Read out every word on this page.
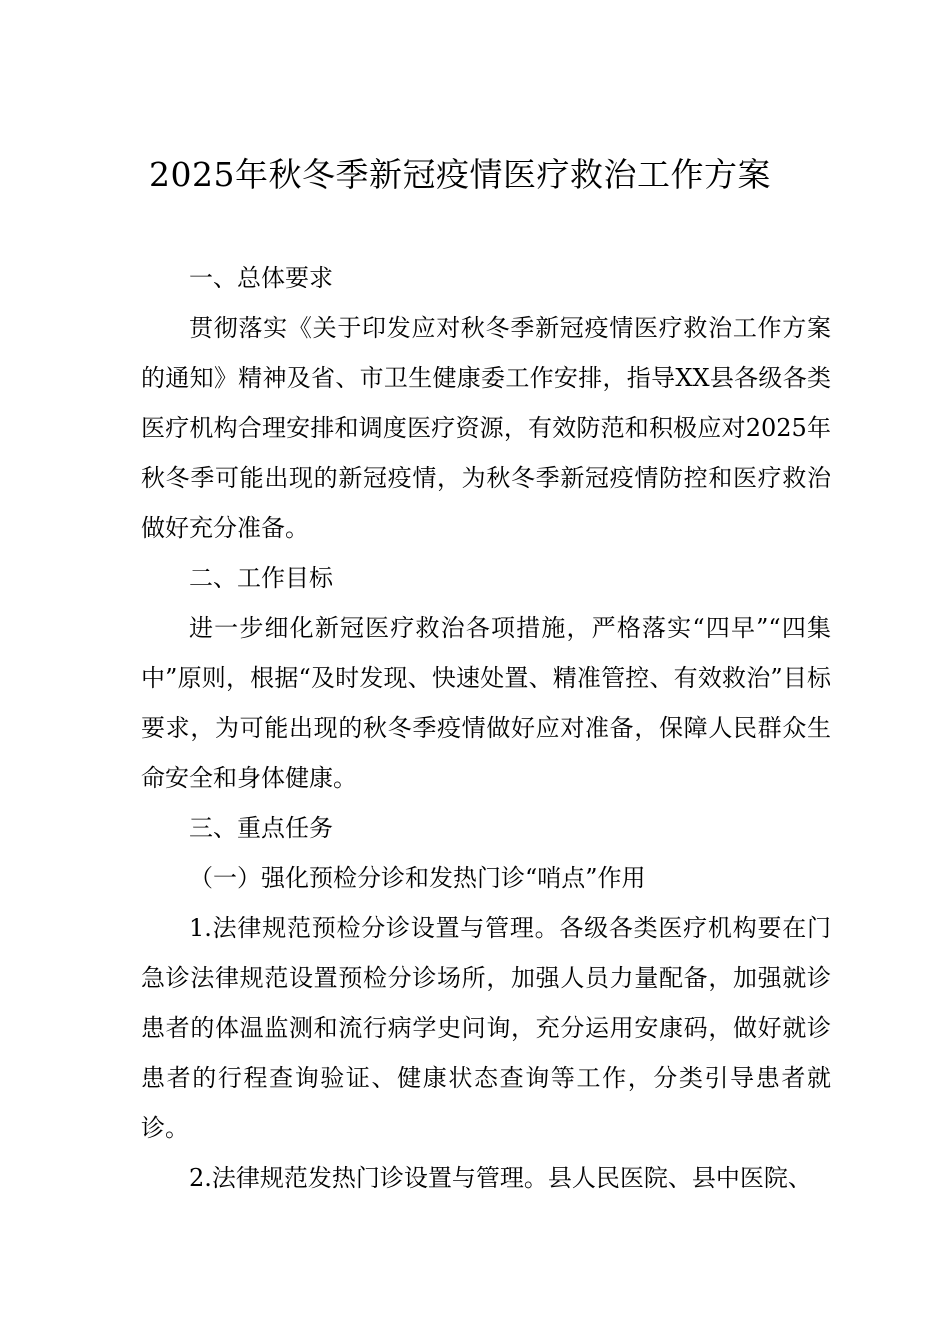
2025年秋冬季新冠疫情医疗救治工作方案

一、总体要求

贯彻落实《关于印发应对秋冬季新冠疫情医疗救治工作方案的通知》精神及省、市卫生健康委工作安排，指导XX县各级各类医疗机构合理安排和调度医疗资源，有效防范和积极应对2025年秋冬季可能出现的新冠疫情，为秋冬季新冠疫情防控和医疗救治做好充分准备。

二、工作目标

进一步细化新冠医疗救治各项措施，严格落实“四早”“四集中”原则，根据“及时发现、快速处置、精准管控、有效救治”目标要求，为可能出现的秋冬季疫情做好应对准备，保障人民群众生命安全和身体健康。

三、重点任务

（一）强化预检分诊和发热门诊“哨点”作用

1.法律规范预检分诊设置与管理。各级各类医疗机构要在门急诊法律规范设置预检分诊场所，加强人员力量配备，加强就诊患者的体温监测和流行病学史问询，充分运用安康码，做好就诊患者的行程查询验证、健康状态查询等工作，分类引导患者就诊。

2.法律规范发热门诊设置与管理。县人民医院、县中医院、
